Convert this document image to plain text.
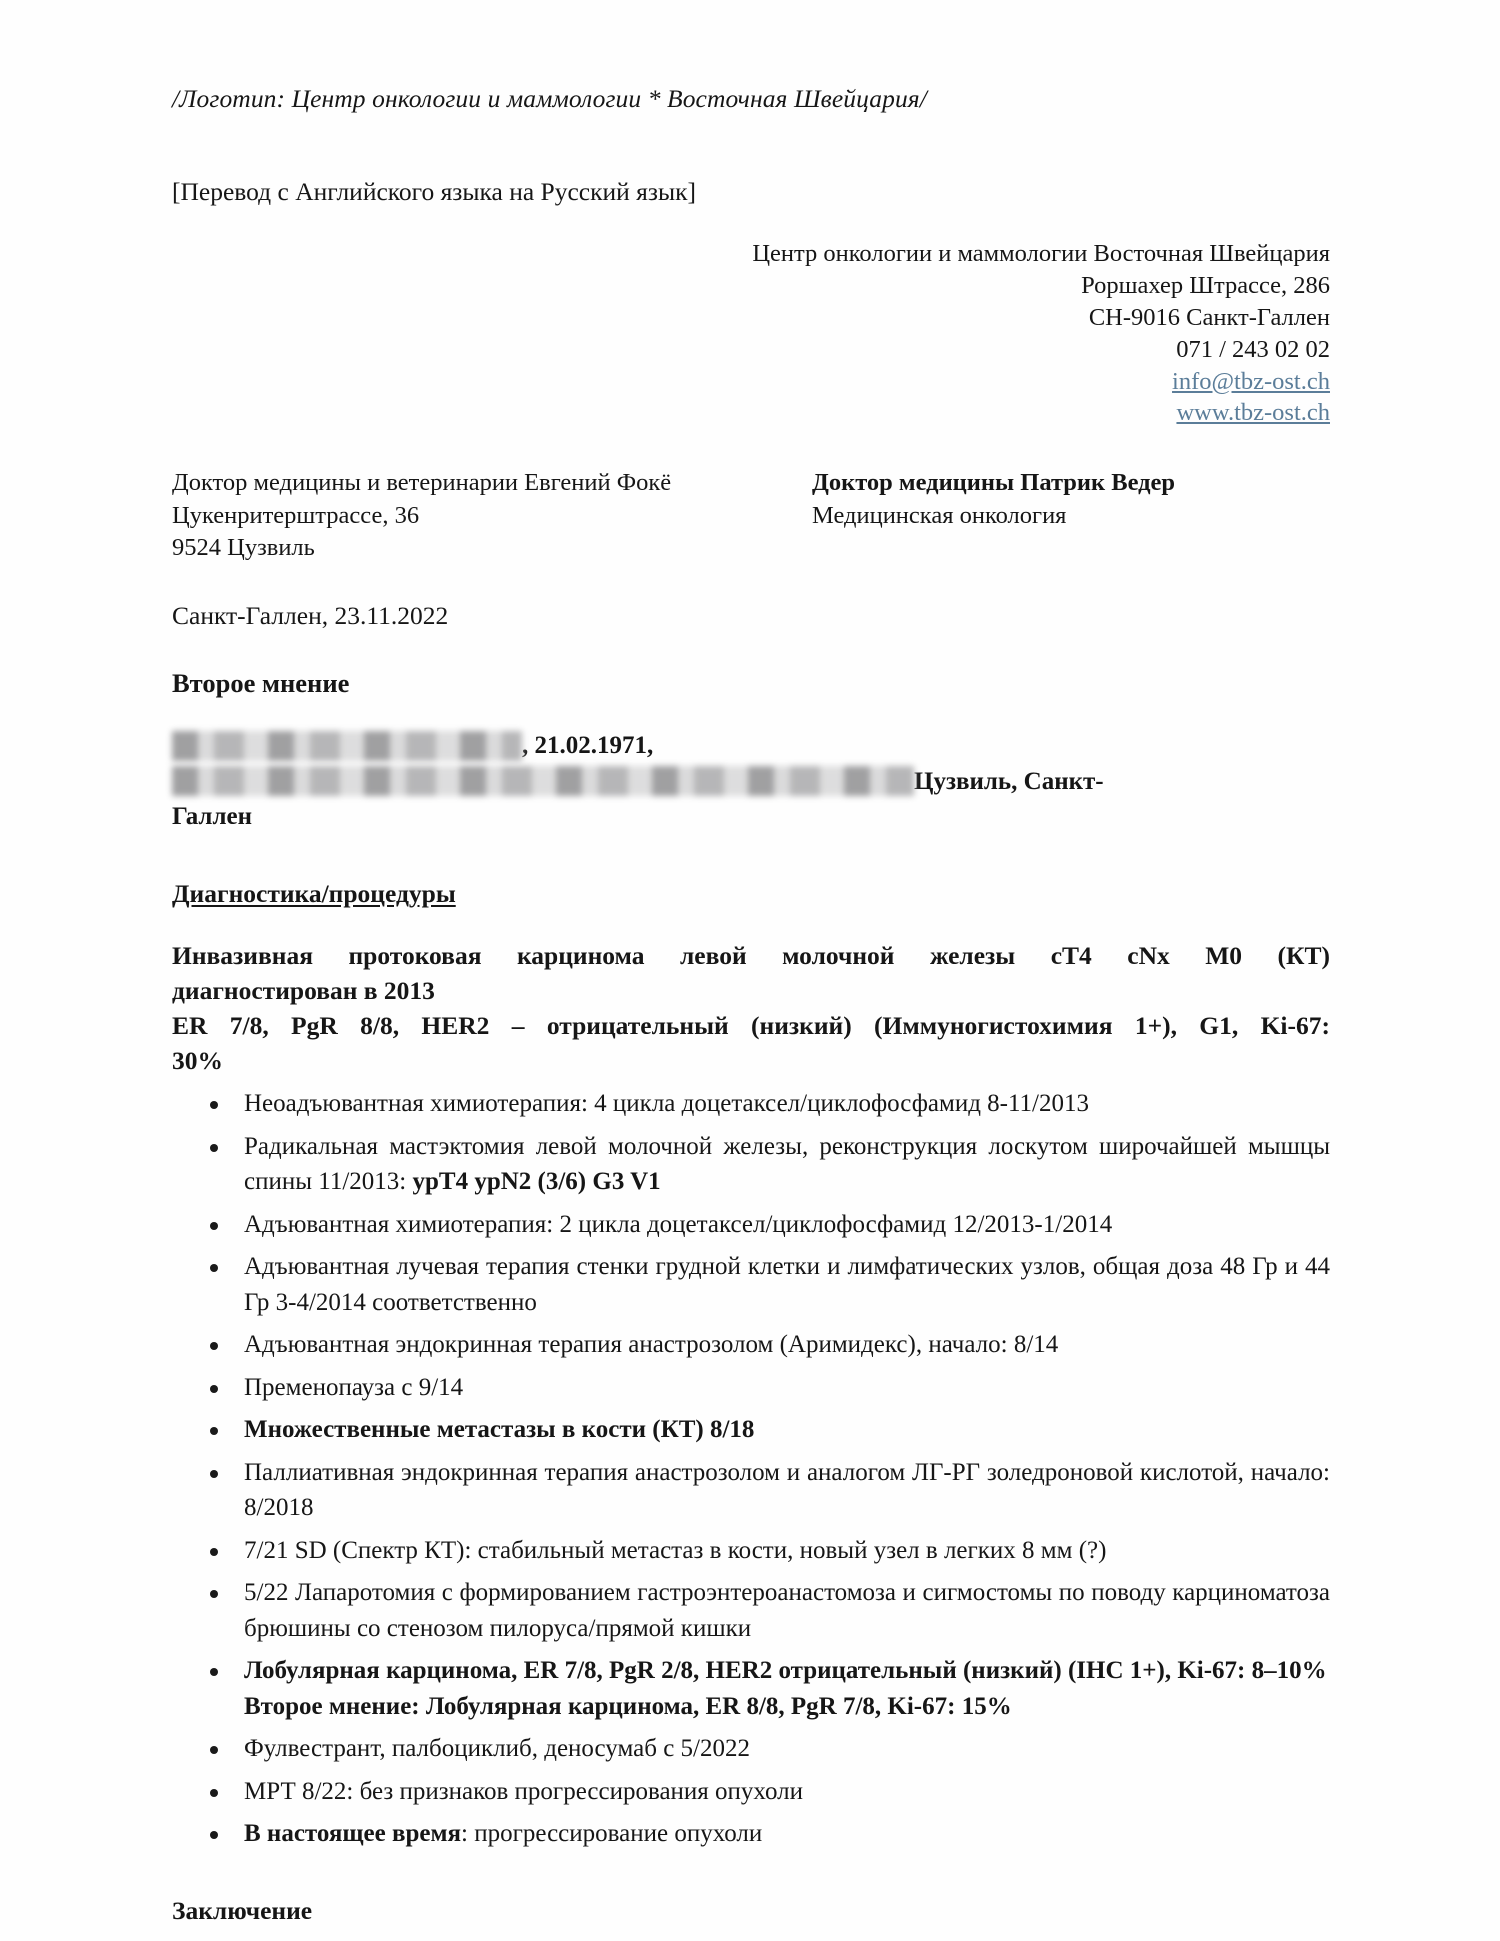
/Логотип: Центр онкологии и маммологии * Восточная Швейцария/
[Перевод с Английского языка на Русский язык]
Центр онкологии и маммологии Восточная Швейцария
Роршахер Штрассе, 286
CH-9016 Санкт-Галлен
071 / 243 02 02
info@tbz-ost.ch
www.tbz-ost.ch
Доктор медицины и ветеринарии Евгений Фокё
Цукенритерштрассе, 36
9524 Цузвиль
Доктор медицины Патрик Ведер
Медицинская онкология
Санкт-Галлен, 23.11.2022
Второе мнение
, 21.02.1971,
Цузвиль, Санкт-
Галлен
Диагностика/процедуры
Инвазивная протоковая карцинома левой молочной железы cT4 cNx M0 (КТ)
диагностирован в 2013
ER 7/8, PgR 8/8, HER2 – отрицательный (низкий) (Иммуногистохимия 1+), G1, Ki-67:
30%
Неоадъювантная химиотерапия: 4 цикла доцетаксел/циклофосфамид 8-11/2013
Радикальная мастэктомия левой молочной железы, реконструкция лоскутом широчайшей мышцы спины 11/2013: ypT4 ypN2 (3/6) G3 V1
Адъювантная химиотерапия: 2 цикла доцетаксел/циклофосфамид 12/2013-1/2014
Адъювантная лучевая терапия стенки грудной клетки и лимфатических узлов, общая доза 48 Гр и 44 Гр 3-4/2014 соответственно
Адъювантная эндокринная терапия анастрозолом (Аримидекс), начало: 8/14
Пременопауза с 9/14
Множественные метастазы в кости (КТ) 8/18
Паллиативная эндокринная терапия анастрозолом и аналогом ЛГ-РГ золедроновой кислотой, начало: 8/2018
7/21 SD (Спектр КТ): стабильный метастаз в кости, новый узел в легких 8 мм (?)
5/22 Лапаротомия с формированием гастроэнтероанастомоза и сигмостомы по поводу карциноматоза брюшины со стенозом пилоруса/прямой кишки
Лобулярная карцинома, ER 7/8, PgR 2/8, HER2 отрицательный (низкий) (IHC 1+), Ki-67: 8–10%
Второе мнение: Лобулярная карцинома, ER 8/8, PgR 7/8, Ki-67: 15%
Фулвестрант, палбоциклиб, деносумаб с 5/2022
МРТ 8/22: без признаков прогрессирования опухоли
В настоящее время: прогрессирование опухоли
Заключение
